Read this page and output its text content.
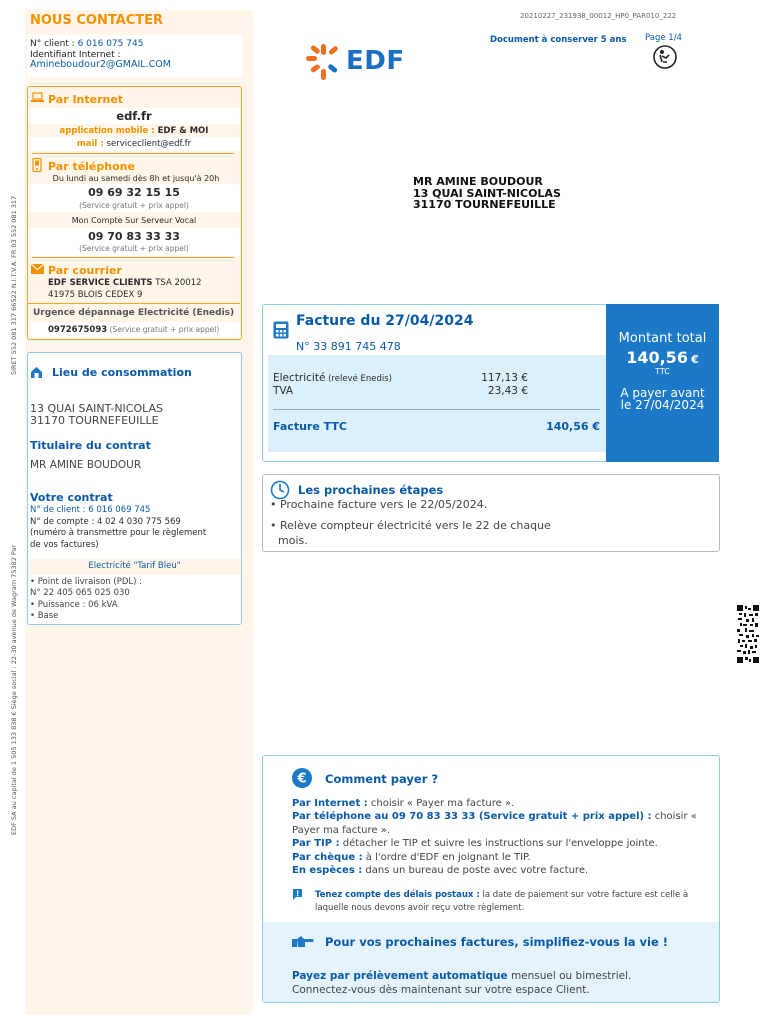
20210227_231938_00012_HP0_PAR010_222
Document à conserver 5 ans Page 1/4
EDF
MR AMINE BOUDOUR
13 QUAI SAINT-NICOLAS
31170 TOURNEFEUILLE
NOUS CONTACTER
N° client : 6 016 075 745
Identifiant Internet :
Amineboudour2@GMAIL.COM
Par Internet
edf.fr
application mobile : EDF & MOI
mail : serviceclient@edf.fr
Par téléphone
Du lundi au samedi dès 8h et jusqu'à 20h
09 69 32 15 15
(Service gratuit + prix appel)
Mon Compte Sur Serveur Vocal
09 70 83 33 33
(Service gratuit + prix appel)
Par courrier
EDF SERVICE CLIENTS TSA 20012
41975 BLOIS CEDEX 9
Urgence dépannage Electricité (Enedis)
0972675093 (Service gratuit + prix appel)
Lieu de consommation
13 QUAI SAINT-NICOLAS
31170 TOURNEFEUILLE
Titulaire du contrat
MR AMINE BOUDOUR
Votre contrat
N° de client : 6 016 069 745
N° de compte : 4 02 4 030 775 569
(numéro à transmettre pour le règlement
de vos factures)
Electricité "Tarif Bleu"
• Point de livraison (PDL) :
N° 22 405 065 025 030
• Puissance : 06 kVA
• Base
SIRET 552 081 317 66522 N.I.T.V.A. FR 03 552 081 317
EDF SA au capital de 1 505 133 838 € Siège social : 22-30 avenue de Wagram 75382 Par
Facture du 27/04/2024
N° 33 891 745 478
Electricité (relevé Enedis)	117,13 €
TVA	23,43 €
Facture TTC	140,56 €
Montant total
140,56 €
TTC
A payer avant
le 27/04/2024
Les prochaines étapes
• Prochaine facture vers le 22/05/2024.
• Relève compteur électricité vers le 22 de chaque
mois.
€ Comment payer ?
Par Internet : choisir « Payer ma facture ».
Par téléphone au 09 70 83 33 33 (Service gratuit + prix appel) : choisir «
Payer ma facture ».
Par TIP : détacher le TIP et suivre les instructions sur l'enveloppe jointe.
Par chèque : à l'ordre d'EDF en joignant le TIP.
En espèces : dans un bureau de poste avec votre facture.
Tenez compte des délais postaux : la date de paiement sur votre facture est celle à
laquelle nous devons avoir reçu votre règlement.
Pour vos prochaines factures, simplifiez-vous la vie !
Payez par prélèvement automatique mensuel ou bimestriel.
Connectez-vous dès maintenant sur votre espace Client.
